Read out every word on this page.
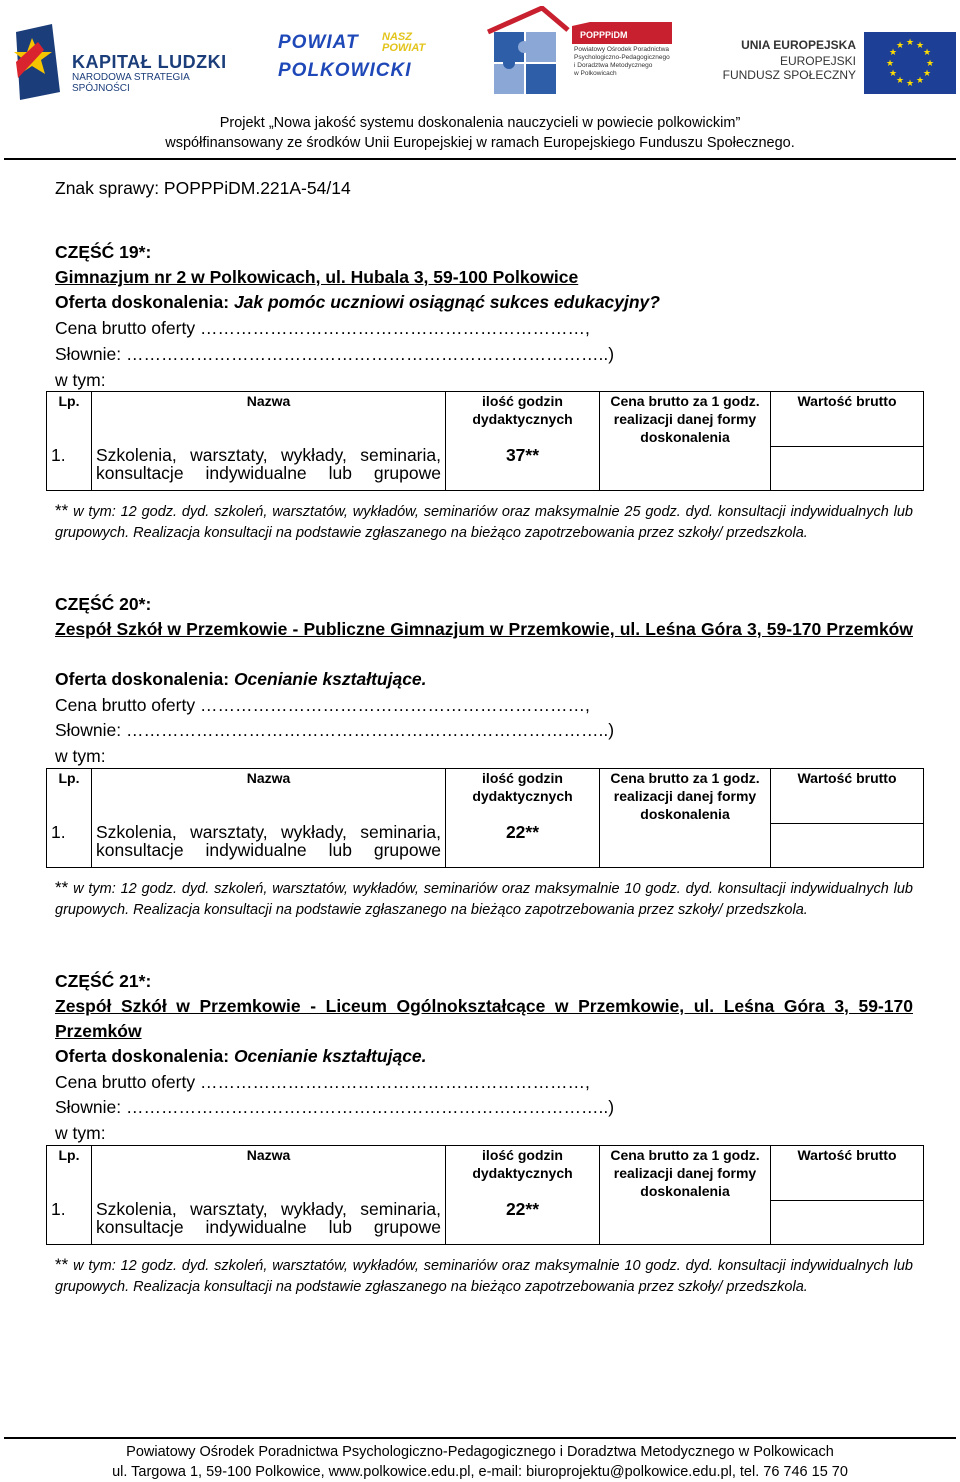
KAPITAŁ LUDZKI
NARODOWA STRATEGIA SPÓJNOŚCI
POWIAT NASZ
POWIAT
POLKOWICKI
POPPPiDM
Powiatowy Ośrodek Poradnictwa
Psychologiczno-Pedagogicznego
i Doradztwa Metodycznego
w Polkowicach
UNIA EUROPEJSKA
EUROPEJSKI
FUNDUSZ SPOŁECZNY
★ ★
★
★
★
★
★
★
★
★
★
★
Projekt „Nowa jakość systemu doskonalenia nauczycieli w powiecie polkowickim”
współfinansowany ze środków Unii Europejskiej w ramach Europejskiego Funduszu Społecznego.
Znak sprawy: POPPPiDM.221A-54/14
CZĘŚĆ 19*:
Gimnazjum nr 2 w Polkowicach, ul. Hubala 3, 59-100 Polkowice
Oferta doskonalenia: Jak pomóc uczniowi osiągnąć sukces edukacyjny?
Cena brutto oferty …………………………………………………………,
Słownie: ………………………………………………………………………..)
w tym:
Lp.	Nazwa	ilość godzin dydaktycznych	Cena brutto za 1 godz. realizacji danej formy doskonalenia	Wartość brutto
1.	Szkolenia, warsztaty, wykłady, seminaria, konsultacje indywidualne lub grupowe	37**		
** w tym: 12 godz. dyd. szkoleń, warsztatów, wykładów, seminariów oraz maksymalnie 25 godz. dyd. konsultacji indywidualnych lub grupowych. Realizacja konsultacji na podstawie zgłaszanego na bieżąco zapotrzebowania przez szkoły/ przedszkola.
CZĘŚĆ 20*:
Zespół Szkół w Przemkowie - Publiczne Gimnazjum w Przemkowie, ul. Leśna Góra 3, 59-170 Przemków
Oferta doskonalenia: Ocenianie kształtujące.
Cena brutto oferty …………………………………………………………,
Słownie: ………………………………………………………………………..)
w tym:
Lp.	Nazwa	ilość godzin dydaktycznych	Cena brutto za 1 godz. realizacji danej formy doskonalenia	Wartość brutto
1.	Szkolenia, warsztaty, wykłady, seminaria, konsultacje indywidualne lub grupowe	22**		
** w tym: 12 godz. dyd. szkoleń, warsztatów, wykładów, seminariów oraz maksymalnie 10 godz. dyd. konsultacji indywidualnych lub grupowych. Realizacja konsultacji na podstawie zgłaszanego na bieżąco zapotrzebowania przez szkoły/ przedszkola.
CZĘŚĆ 21*:
Zespół Szkół w Przemkowie - Liceum Ogólnokształcące w Przemkowie, ul. Leśna Góra 3, 59-170 Przemków
Oferta doskonalenia: Ocenianie kształtujące.
Cena brutto oferty …………………………………………………………,
Słownie: ………………………………………………………………………..)
w tym:
Lp.	Nazwa	ilość godzin dydaktycznych	Cena brutto za 1 godz. realizacji danej formy doskonalenia	Wartość brutto
1.	Szkolenia, warsztaty, wykłady, seminaria, konsultacje indywidualne lub grupowe	22**		
** w tym: 12 godz. dyd. szkoleń, warsztatów, wykładów, seminariów oraz maksymalnie 10 godz. dyd. konsultacji indywidualnych lub grupowych. Realizacja konsultacji na podstawie zgłaszanego na bieżąco zapotrzebowania przez szkoły/ przedszkola.
Powiatowy Ośrodek Poradnictwa Psychologiczno-Pedagogicznego i Doradztwa Metodycznego w Polkowicach
ul. Targowa 1, 59-100 Polkowice, www.polkowice.edu.pl, e-mail: biuroprojektu@polkowice.edu.pl, tel. 76 746 15 70
